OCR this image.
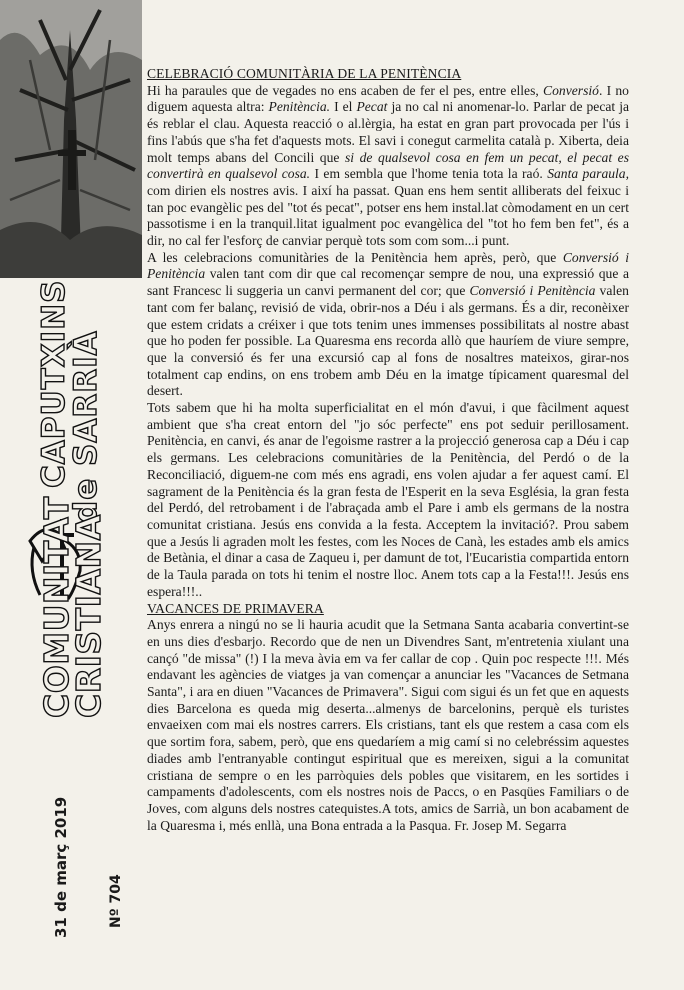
CAPUTXINS
de SARRIÀ
COMUNITAT
CRISTIANA
31 de març 2019	Nº 704
CELEBRACIÓ COMUNITÀRIA DE LA PENITÈNCIA

Hi ha paraules que de vegades no ens acaben de fer el pes, entre elles, Conversió. I no diguem aquesta altra: Penitència. I el Pecat ja no cal ni anomenar-lo. Parlar de pecat ja és reblar el clau. Aquesta reacció o al.lèrgia, ha estat en gran part provocada per l'ús i fins l'abús que s'ha fet d'aquests mots. El savi i conegut carmelita català p. Xiberta, deia molt temps abans del Concili que si de qualsevol cosa en fem un pecat, el pecat es convertirà en qualsevol cosa. I em sembla que l'home tenia tota la raó. Santa paraula, com dirien els nostres avis. I així ha passat. Quan ens hem sentit alliberats del feixuc i tan poc evangèlic pes del "tot és pecat", potser ens hem instal.lat còmodament en un cert passotisme i en la tranquil.litat igualment poc evangèlica del "tot ho fem ben fet", és a dir, no cal fer l'esforç de canviar perquè tots som com som...i punt.

A les celebracions comunitàries de la Penitència hem après, però, que Conversió i Penitència valen tant com dir que cal recomençar sempre de nou, una expressió que a sant Francesc li suggeria un canvi permanent del cor; que Conversió i Penitència valen tant com fer balanç, revisió de vida, obrir-nos a Déu i als germans. És a dir, reconèixer que estem cridats a créixer i que tots tenim unes immenses possibilitats al nostre abast que ho poden fer possible. La Quaresma ens recorda allò que hauríem de viure sempre, que la conversió és fer una excursió cap al fons de nosaltres mateixos, girar-nos totalment cap endins, on ens trobem amb Déu en la imatge típicament quaresmal del desert.

Tots sabem que hi ha molta superficialitat en el món d'avui, i que fàcilment aquest ambient que s'ha creat entorn del "jo sóc perfecte" ens pot seduir perillosament. Penitència, en canvi, és anar de l'egoisme rastrer a la projecció generosa cap a Déu i cap els germans. Les celebracions comunitàries de la Penitència, del Perdó o de la Reconciliació, diguem-ne com més ens agradi, ens volen ajudar a fer aquest camí. El sagrament de la Penitència és la gran festa de l'Esperit en la seva Església, la gran festa del Perdó, del retrobament i de l'abraçada amb el Pare i amb els germans de la nostra comunitat cristiana. Jesús ens convida a la festa. Acceptem la invitació?. Prou sabem que a Jesús li agraden molt les festes, com les Noces de Canà, les estades amb els amics de Betània, el dinar a casa de Zaqueu i, per damunt de tot, l'Eucaristia compartida entorn de la Taula parada on tots hi tenim el nostre lloc. Anem tots cap a la Festa!!!. Jesús ens espera!!!..

VACANCES DE PRIMAVERA

Anys enrera a ningú no se li hauria acudit que la Setmana Santa acabaria convertint-se en uns dies d'esbarjo. Recordo que de nen un Divendres Sant, m'entretenia xiulant una cançó "de missa" (!) I la meva àvia em va fer callar de cop . Quin poc respecte !!!. Més endavant les agències de viatges ja van començar a anunciar les "Vacances de Setmana Santa", i ara en diuen "Vacances de Primavera". Sigui com sigui és un fet que en aquests dies Barcelona es queda mig deserta...almenys de barcelonins, perquè els turistes envaeixen com mai els nostres carrers. Els cristians, tant els que restem a casa com els que sortim fora, sabem, però, que ens quedaríem a mig camí si no celebréssim aquestes diades amb l'entranyable contingut espiritual que es mereixen, sigui a la comunitat cristiana de sempre o en les parròquies dels pobles que visitarem, en les sortides i campaments d'adolescents, com els nostres nois de Paccs, o en Pasqües Familiars o de Joves, com alguns dels nostres catequistes.A tots, amics de Sarrià, un bon acabament de la Quaresma i, més enllà, una Bona entrada a la Pasqua. Fr. Josep M. Segarra
